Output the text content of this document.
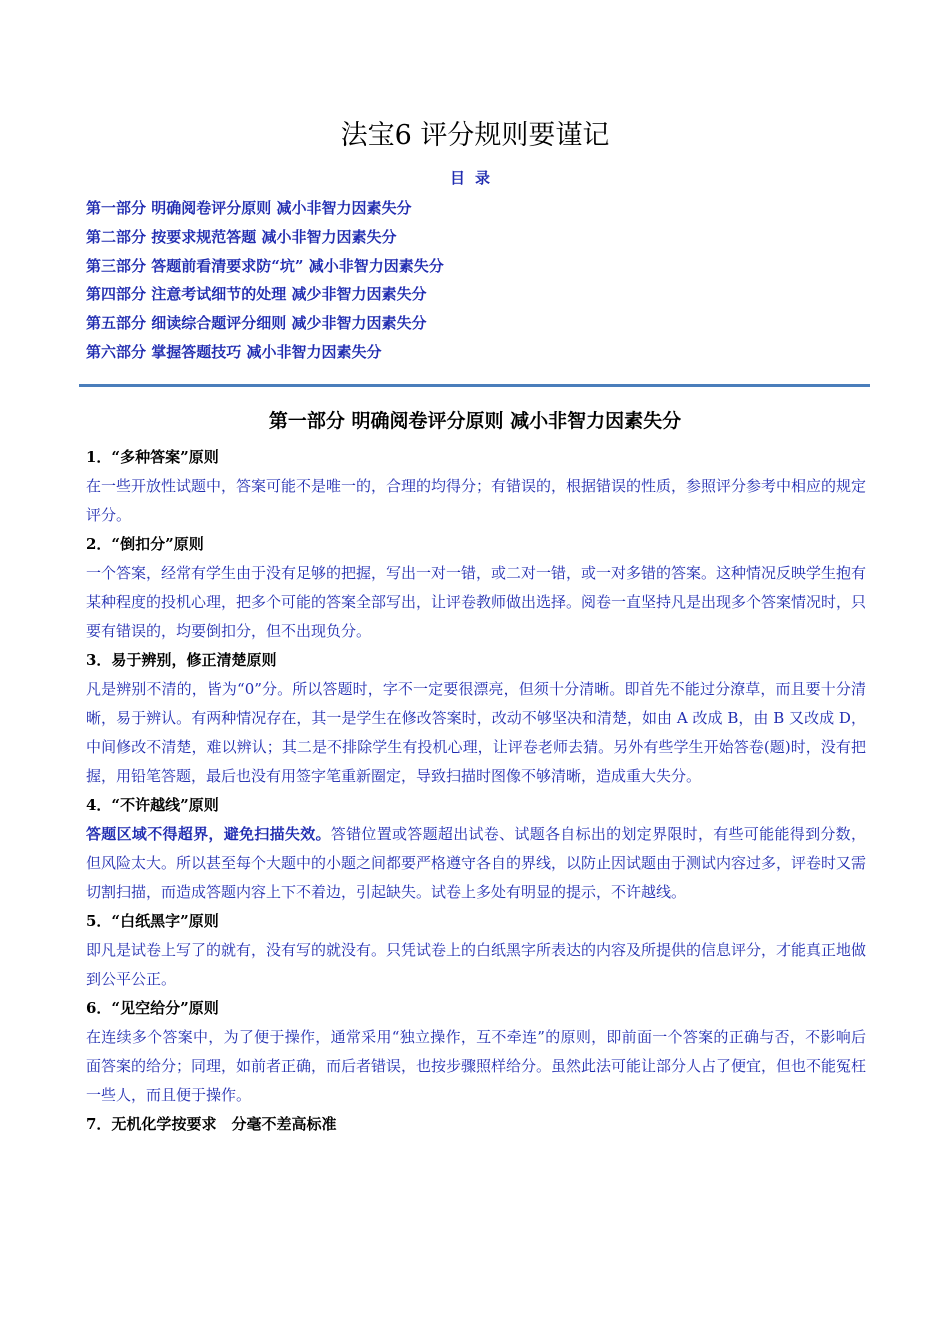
法宝6 评分规则要谨记
目录
第一部分 明确阅卷评分原则 减小非智力因素失分
第二部分 按要求规范答题 减小非智力因素失分
第三部分 答题前看清要求防“坑” 减小非智力因素失分
第四部分 注意考试细节的处理 减少非智力因素失分
第五部分 细读综合题评分细则 减少非智力因素失分
第六部分 掌握答题技巧 减小非智力因素失分
第一部分 明确阅卷评分原则 减小非智力因素失分

1．“多种答案”原则

在一些开放性试题中，答案可能不是唯一的，合理的均得分；有错误的，根据错误的性质，参照评分参考中相应的规定评分。

2．“倒扣分”原则

一个答案，经常有学生由于没有足够的把握，写出一对一错，或二对一错，或一对多错的答案。这种情况反映学生抱有某种程度的投机心理，把多个可能的答案全部写出，让评卷教师做出选择。阅卷一直坚持凡是出现多个答案情况时，只要有错误的，均要倒扣分，但不出现负分。

3．易于辨别，修正清楚原则

凡是辨别不清的，皆为“0”分。所以答题时，字不一定要很漂亮，但须十分清晰。即首先不能过分潦草，而且要十分清晰，易于辨认。有两种情况存在，其一是学生在修改答案时，改动不够坚决和清楚，如由 A 改成 B，由 B 又改成 D，中间修改不清楚，难以辨认；其二是不排除学生有投机心理，让评卷老师去猜。另外有些学生开始答卷(题)时，没有把握，用铅笔答题，最后也没有用签字笔重新圈定，导致扫描时图像不够清晰，造成重大失分。

4．“不许越线”原则

答题区域不得超界，避免扫描失效。答错位置或答题超出试卷、试题各自标出的划定界限时，有些可能能得到分数，但风险太大。所以甚至每个大题中的小题之间都要严格遵守各自的界线，以防止因试题由于测试内容过多，评卷时又需切割扫描，而造成答题内容上下不着边，引起缺失。试卷上多处有明显的提示，不许越线。

5．“白纸黑字”原则

即凡是试卷上写了的就有，没有写的就没有。只凭试卷上的白纸黑字所表达的内容及所提供的信息评分，才能真正地做到公平公正。

6．“见空给分”原则

在连续多个答案中，为了便于操作，通常采用“独立操作，互不牵连”的原则，即前面一个答案的正确与否，不影响后面答案的给分；同理，如前者正确，而后者错误，也按步骤照样给分。虽然此法可能让部分人占了便宜，但也不能冤枉一些人，而且便于操作。

7．无机化学按要求　分毫不差高标准
